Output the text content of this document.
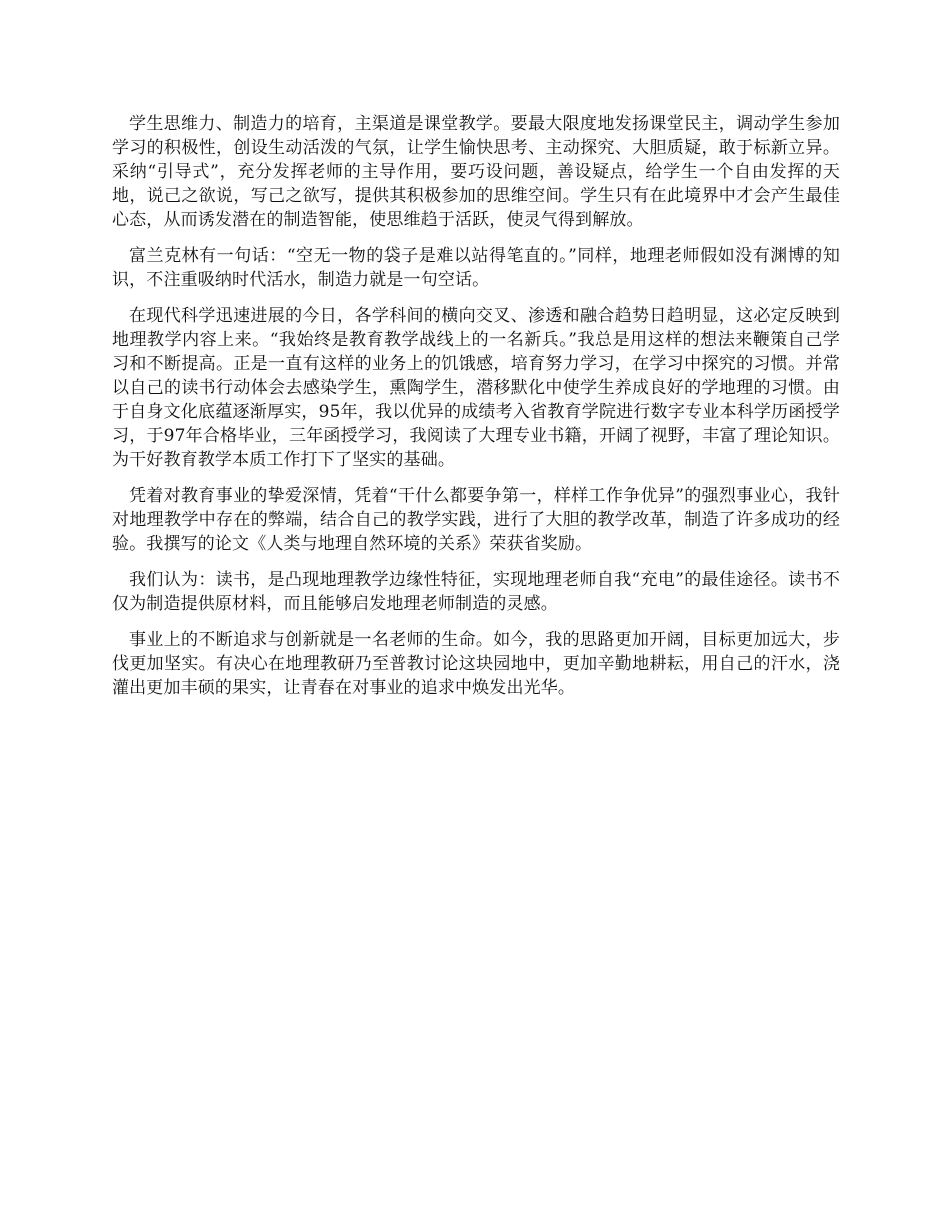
学生思维力、制造力的培育，主渠道是课堂教学。要最大限度地发扬课堂民主，调动学生参加学习的积极性，创设生动活泼的气氛，让学生愉快思考、主动探究、大胆质疑，敢于标新立异。采纳“引导式”，充分发挥老师的主导作用，要巧设问题，善设疑点，给学生一个自由发挥的天地，说己之欲说，写己之欲写，提供其积极参加的思维空间。学生只有在此境界中才会产生最佳心态，从而诱发潜在的制造智能，使思维趋于活跃，使灵气得到解放。

富兰克林有一句话：“空无一物的袋子是难以站得笔直的。”同样，地理老师假如没有渊博的知识，不注重吸纳时代活水，制造力就是一句空话。

在现代科学迅速进展的今日，各学科间的横向交叉、渗透和融合趋势日趋明显，这必定反映到地理教学内容上来。“我始终是教育教学战线上的一名新兵。”我总是用这样的想法来鞭策自己学习和不断提高。正是一直有这样的业务上的饥饿感，培育努力学习，在学习中探究的习惯。并常以自己的读书行动体会去感染学生，熏陶学生，潜移默化中使学生养成良好的学地理的习惯。由于自身文化底蕴逐渐厚实，95年，我以优异的成绩考入省教育学院进行数字专业本科学历函授学习，于97年合格毕业，三年函授学习，我阅读了大理专业书籍，开阔了视野，丰富了理论知识。为干好教育教学本质工作打下了坚实的基础。

凭着对教育事业的挚爱深情，凭着“干什么都要争第一，样样工作争优异”的强烈事业心，我针对地理教学中存在的弊端，结合自己的教学实践，进行了大胆的教学改革，制造了许多成功的经验。我撰写的论文《人类与地理自然环境的关系》荣获省奖励。

我们认为：读书，是凸现地理教学边缘性特征，实现地理老师自我“充电”的最佳途径。读书不仅为制造提供原材料，而且能够启发地理老师制造的灵感。

事业上的不断追求与创新就是一名老师的生命。如今，我的思路更加开阔，目标更加远大，步伐更加坚实。有决心在地理教研乃至普教讨论这块园地中，更加辛勤地耕耘，用自己的汗水，浇灌出更加丰硕的果实，让青春在对事业的追求中焕发出光华。
